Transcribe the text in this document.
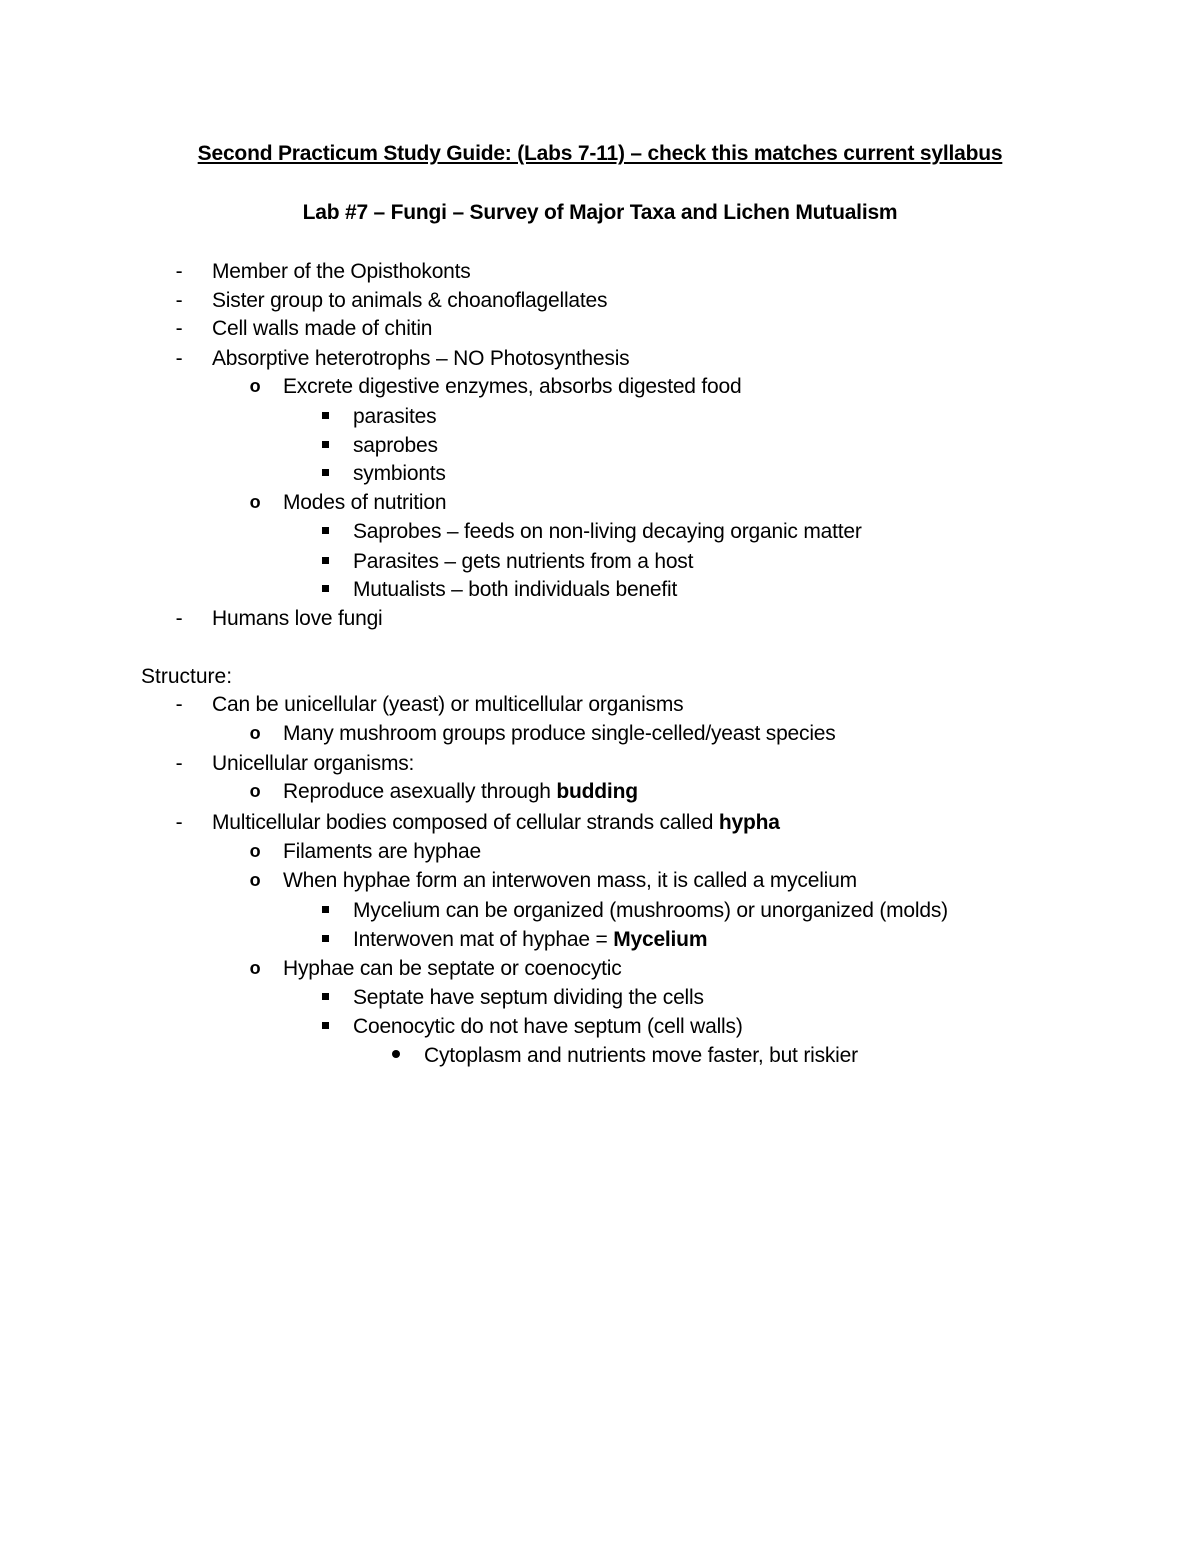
Second Practicum Study Guide: (Labs 7-11) – check this matches current syllabus
Lab #7 – Fungi – Survey of Major Taxa and Lichen Mutualism
-
Member of the Opisthokonts
-
Sister group to animals & choanoflagellates
-
Cell walls made of chitin
-
Absorptive heterotrophs – NO Photosynthesis
o Excrete digestive enzymes, absorbs digested food
parasites
saprobes
symbionts
o Modes of nutrition
Saprobes – feeds on non-living decaying organic matter
Parasites – gets nutrients from a host
Mutualists – both individuals benefit
-
Humans love fungi
Structure:
-
Can be unicellular (yeast) or multicellular organisms
o Many mushroom groups produce single-celled/yeast species
-
Unicellular organisms:
o Reproduce asexually through budding
-
Multicellular bodies composed of cellular strands called hypha
o Filaments are hyphae
o When hyphae form an interwoven mass, it is called a mycelium
Mycelium can be organized (mushrooms) or unorganized (molds)
Interwoven mat of hyphae = Mycelium
o Hyphae can be septate or coenocytic
Septate have septum dividing the cells
Coenocytic do not have septum (cell walls)
Cytoplasm and nutrients move faster, but riskier
